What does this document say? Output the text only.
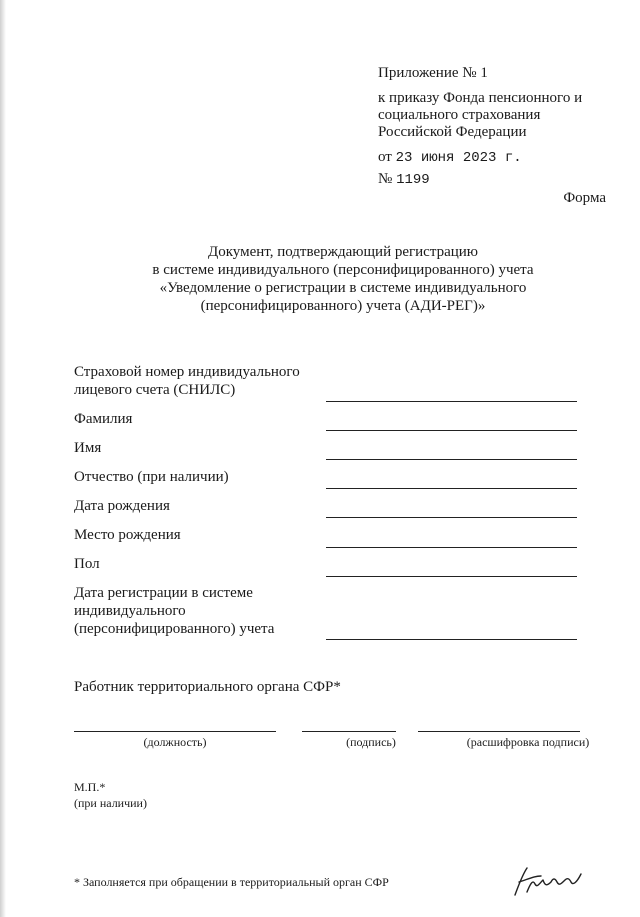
Приложение № 1
к приказу Фонда пенсионного и
социального страхования
Российской Федерации
от 23 июня 2023 г.
№ 1199
Форма
Документ, подтверждающий регистрацию
в системе индивидуального (персонифицированного) учета
«Уведомление о регистрации в системе индивидуального
(персонифицированного) учета (АДИ-РЕГ)»
Страховой номер индивидуального
лицевого счета (СНИЛС)
Фамилия
Имя
Отчество (при наличии)
Дата рождения
Место рождения
Пол
Дата регистрации в системе
индивидуального
(персонифицированного) учета
Работник территориального органа СФР*
(должность)	(подпись)	(расшифровка подписи)
М.П.*
(при наличии)
* Заполняется при обращении в территориальный орган СФР
